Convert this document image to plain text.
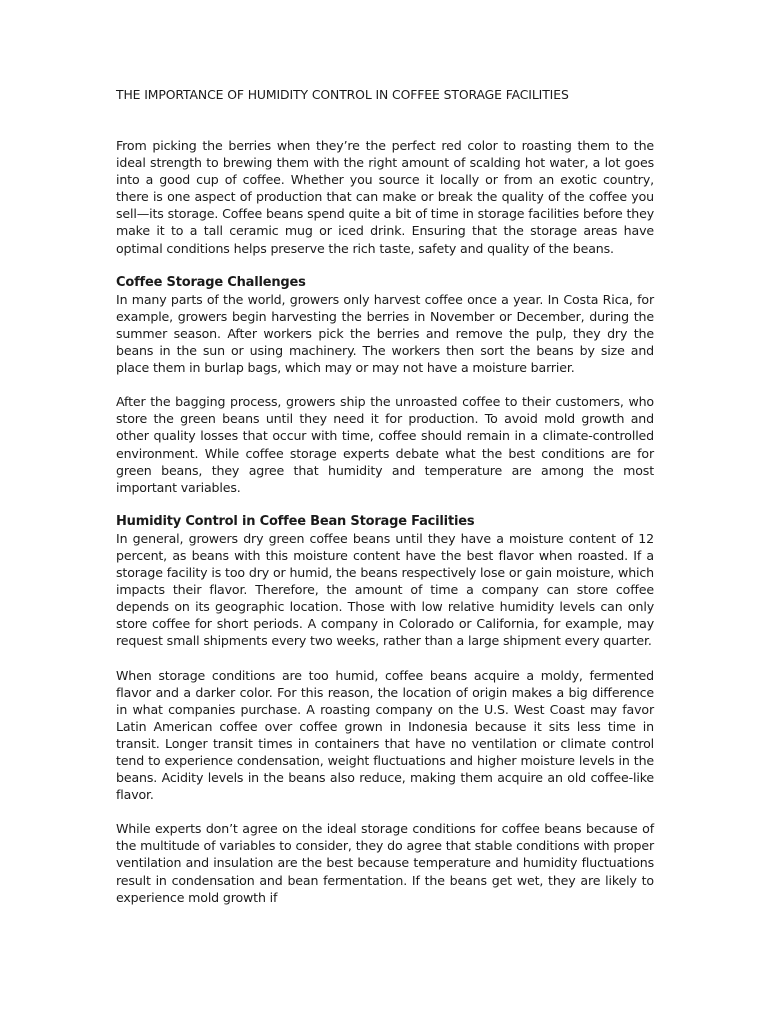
THE IMPORTANCE OF HUMIDITY CONTROL IN COFFEE STORAGE FACILITIES

From picking the berries when they’re the perfect red color to roasting them to the ideal strength to brewing them with the right amount of scalding hot water, a lot goes into a good cup of coffee. Whether you source it locally or from an exotic country, there is one aspect of production that can make or break the quality of the coffee you sell—its storage. Coffee beans spend quite a bit of time in storage facilities before they make it to a tall ceramic mug or iced drink. Ensuring that the storage areas have optimal conditions helps preserve the rich taste, safety and quality of the beans.

Coffee Storage Challenges

In many parts of the world, growers only harvest coffee once a year. In Costa Rica, for example, growers begin harvesting the berries in November or December, during the summer season. After workers pick the berries and remove the pulp, they dry the beans in the sun or using machinery. The workers then sort the beans by size and place them in burlap bags, which may or may not have a moisture barrier.

After the bagging process, growers ship the unroasted coffee to their customers, who store the green beans until they need it for production. To avoid mold growth and other quality losses that occur with time, coffee should remain in a climate-controlled environment. While coffee storage experts debate what the best conditions are for green beans, they agree that humidity and temperature are among the most important variables.

Humidity Control in Coffee Bean Storage Facilities

In general, growers dry green coffee beans until they have a moisture content of 12 percent, as beans with this moisture content have the best flavor when roasted. If a storage facility is too dry or humid, the beans respectively lose or gain moisture, which impacts their flavor. Therefore, the amount of time a company can store coffee depends on its geographic location. Those with low relative humidity levels can only store coffee for short periods. A company in Colorado or California, for example, may request small shipments every two weeks, rather than a large shipment every quarter.

When storage conditions are too humid, coffee beans acquire a moldy, fermented flavor and a darker color. For this reason, the location of origin makes a big difference in what companies purchase. A roasting company on the U.S. West Coast may favor Latin American coffee over coffee grown in Indonesia because it sits less time in transit. Longer transit times in containers that have no ventilation or climate control tend to experience condensation, weight fluctuations and higher moisture levels in the beans. Acidity levels in the beans also reduce, making them acquire an old coffee-like flavor.

While experts don’t agree on the ideal storage conditions for coffee beans because of the multitude of variables to consider, they do agree that stable conditions with proper ventilation and insulation are the best because temperature and humidity fluctuations result in condensation and bean fermentation. If the beans get wet, they are likely to experience mold growth if
